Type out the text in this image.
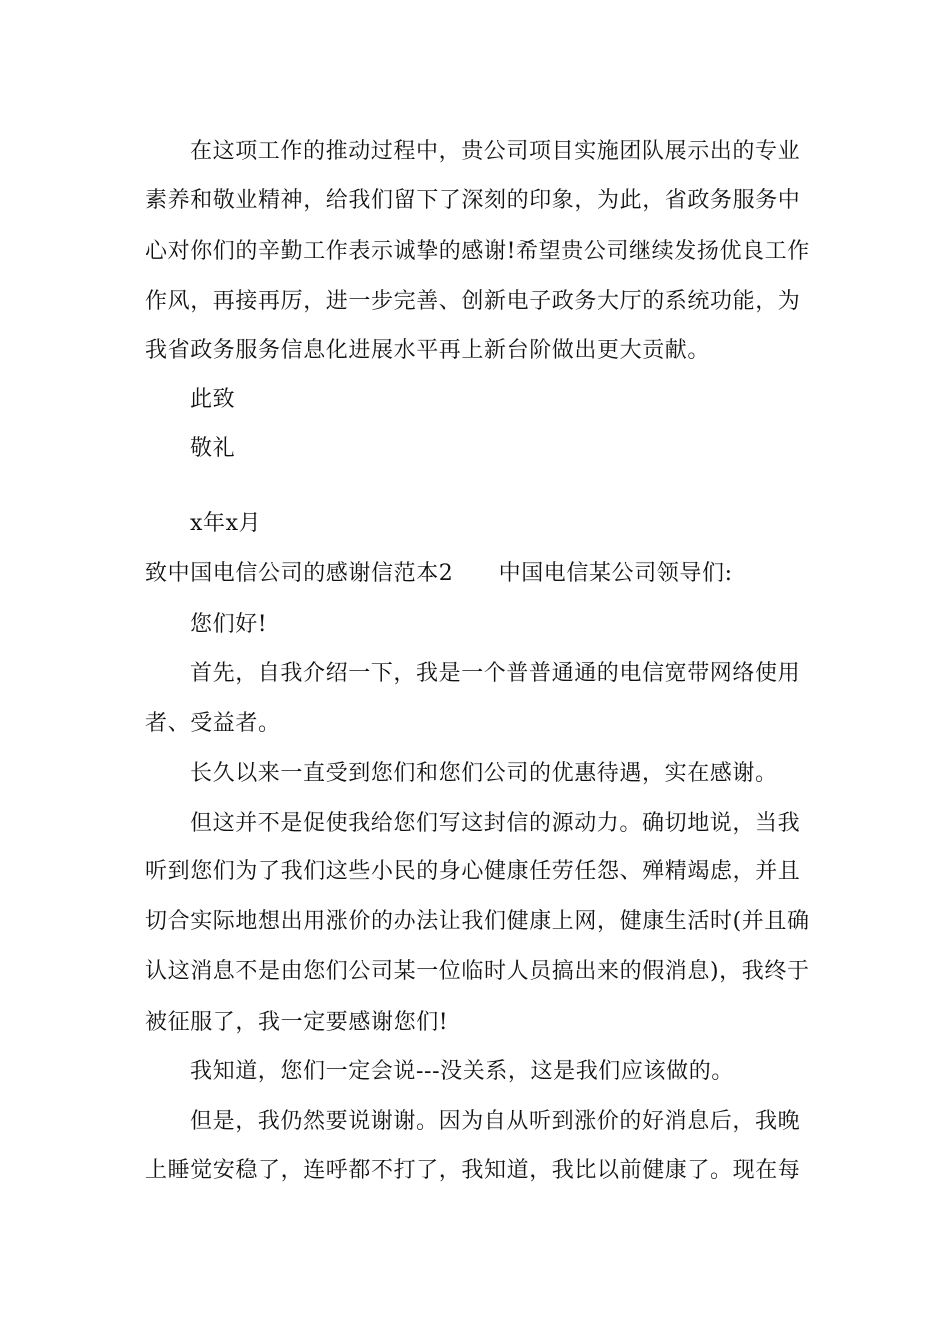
在这项工作的推动过程中，贵公司项目实施团队展示出的专业
素养和敬业精神，给我们留下了深刻的印象，为此，省政务服务中
心对你们的辛勤工作表示诚挚的感谢!希望贵公司继续发扬优良工作
作风，再接再厉，进一步完善、创新电子政务大厅的系统功能，为
我省政务服务信息化进展水平再上新台阶做出更大贡献。
此致
敬礼
x年x月
致中国电信公司的感谢信范本2　　中国电信某公司领导们:
您们好!
首先，自我介绍一下，我是一个普普通通的电信宽带网络使用
者、受益者。
长久以来一直受到您们和您们公司的优惠待遇，实在感谢。
但这并不是促使我给您们写这封信的源动力。确切地说，当我
听到您们为了我们这些小民的身心健康任劳任怨、殚精竭虑，并且
切合实际地想出用涨价的办法让我们健康上网，健康生活时(并且确
认这消息不是由您们公司某一位临时人员搞出来的假消息)，我终于
被征服了，我一定要感谢您们!
我知道，您们一定会说---没关系，这是我们应该做的。
但是，我仍然要说谢谢。因为自从听到涨价的好消息后，我晚
上睡觉安稳了，连呼都不打了，我知道，我比以前健康了。现在每
